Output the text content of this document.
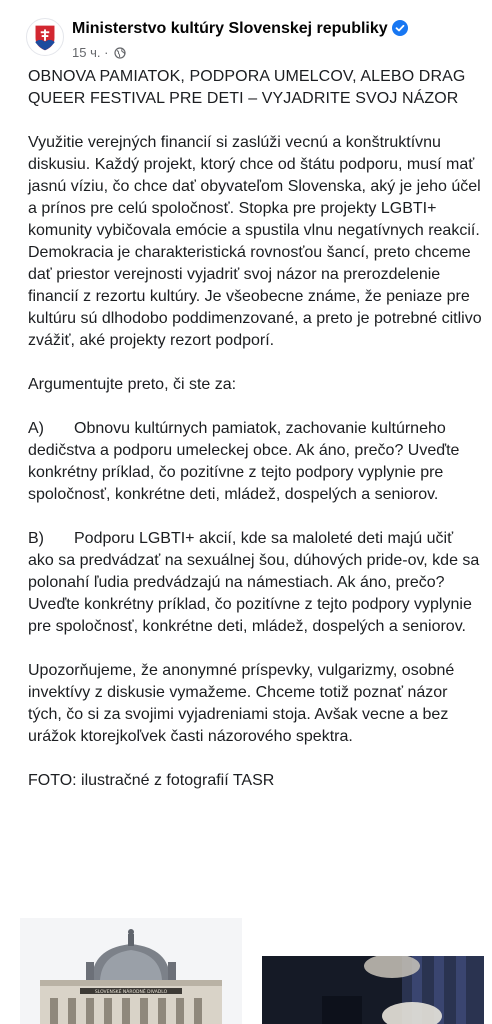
Ministerstvo kultúry Slovenskej republiky
15 ч. ·

OBNOVA PAMIATOK, PODPORA UMELCOV, ALEBO DRAG QUEER FESTIVAL PRE DETI – VYJADRITE SVOJ NÁZOR

Využitie verejných financií si zaslúži vecnú a konštruktívnu diskusiu. Každý projekt, ktorý chce od štátu podporu, musí mať jasnú víziu, čo chce dať obyvateľom Slovenska, aký je jeho účel a prínos pre celú spoločnosť. Stopka pre projekty LGBTI+ komunity vybičovala emócie a spustila vlnu negatívnych reakcií. Demokracia je charakteristická rovnosťou šancí, preto chceme dať priestor verejnosti vyjadriť svoj názor na prerozdelenie financií z rezortu kultúry. Je všeobecne známe, že peniaze pre kultúru sú dlhodobo poddimenzované, a preto je potrebné citlivo zvážiť, aké projekty rezort podporí.

Argumentujte preto, či ste za:

A) Obnovu kultúrnych pamiatok, zachovanie kultúrneho dedičstva a podporu umeleckej obce. Ak áno, prečo? Uveďte konkrétny príklad, čo pozitívne z tejto podpory vyplynie pre spoločnosť, konkrétne deti, mládež, dospelých a seniorov.

B) Podporu LGBTI+ akcií, kde sa maloleté deti majú učiť ako sa predvádzať na sexuálnej šou, dúhových pride-ov, kde sa polonahí ľudia predvádzajú na námestiach. Ak áno, prečo? Uveďte konkrétny príklad, čo pozitívne z tejto podpory vyplynie pre spoločnosť, konkrétne deti, mládež, dospelých a seniorov.

Upozorňujeme, že anonymné príspevky, vulgarizmy, osobné invektívy z diskusie vymažeme. Chceme totiž poznať názor tých, čo si za svojimi vyjadreniami stoja. Avšak vecne a bez urážok ktorejkoľvek časti názorového spektra.

FOTO: ilustračné z fotografií TASR

SLOVENSKÉ NÁRODNÉ DIVADLO
